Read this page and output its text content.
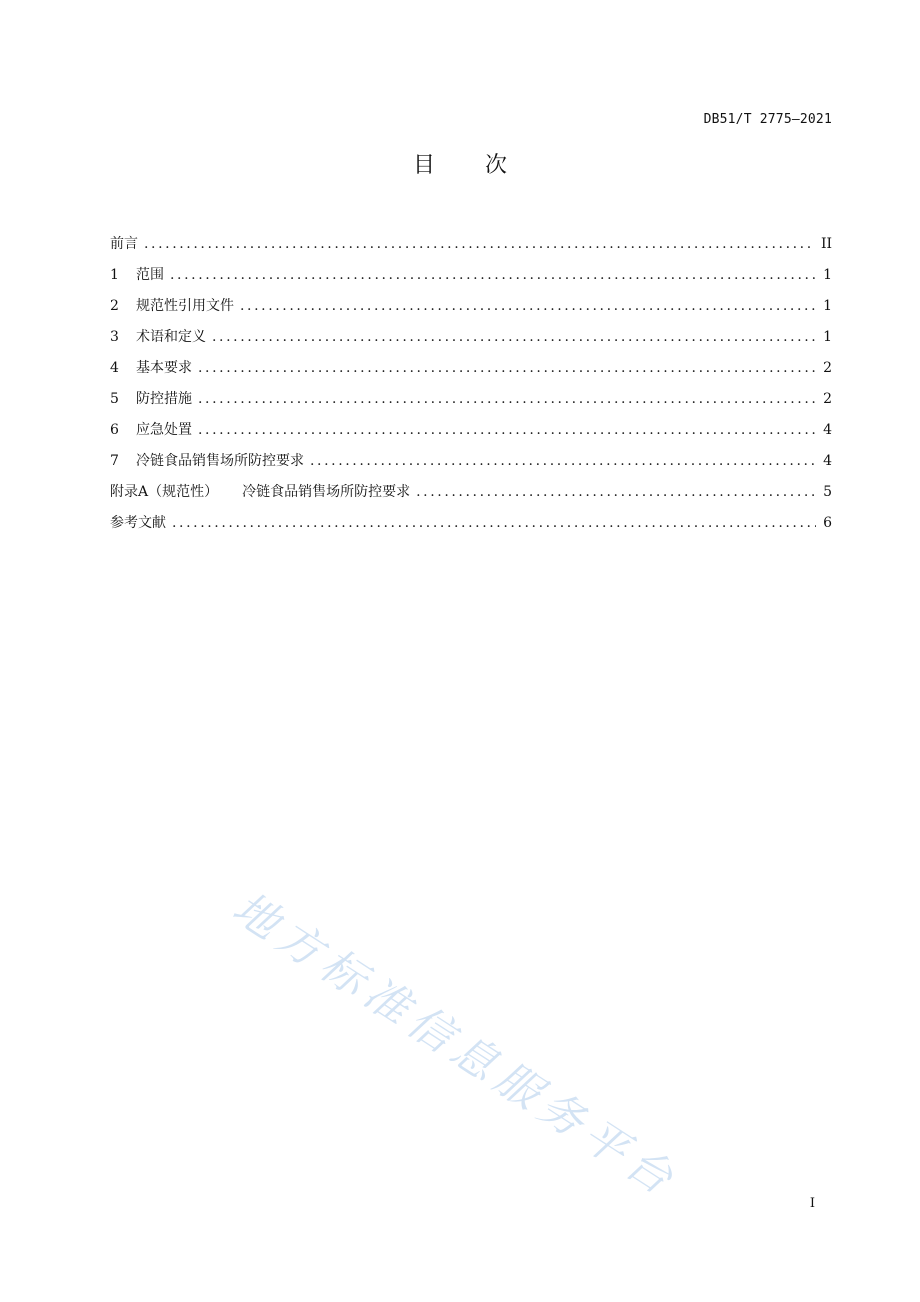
DB51/T 2775—2021
目 次
前言 .....	II
1	范围 .....	1
2	规范性引用文件 .....	1
3	术语和定义 .....	1
4	基本要求 .....	2
5	防控措施 .....	2
6	应急处置 .....	4
7	冷链食品销售场所防控要求 .....	4
附录A（规范性） 冷链食品销售场所防控要求 .....	5
参考文献 .....	6
地方标准信息服务平台	I
